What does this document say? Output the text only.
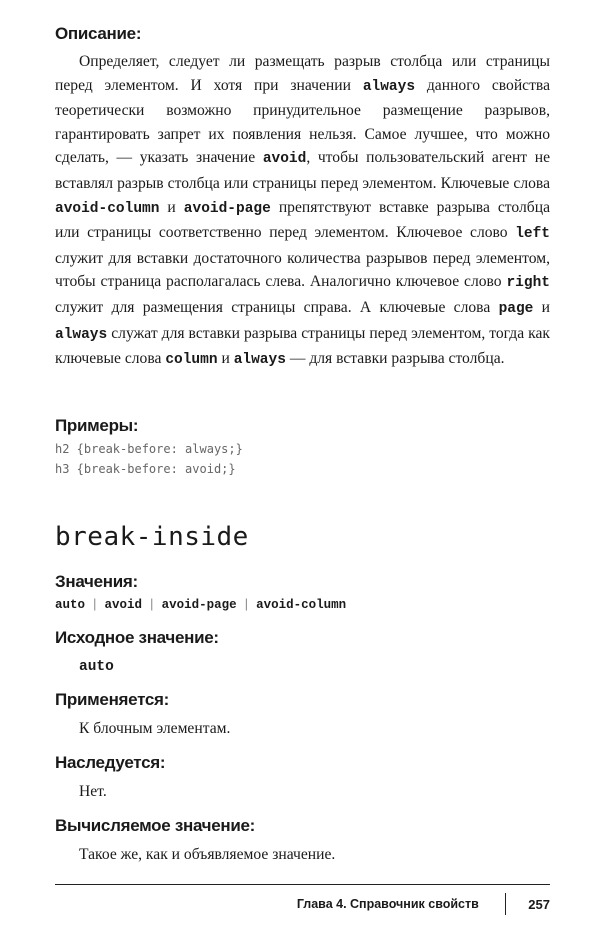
Описание:

Определяет, следует ли размещать разрыв столбца или страницы перед элементом. И хотя при значении always данного свойства теоретически возможно принудительное размещение разрывов, гарантировать запрет их появления нельзя. Самое лучшее, что можно сделать, — указать значение avoid, чтобы пользовательский агент не вставлял разрыв столбца или страницы перед элементом. Ключевые слова avoid-column и avoid-page препятствуют вставке разрыва столбца или страницы соответственно перед элементом. Ключевое слово left служит для вставки достаточного количества разрывов перед элементом, чтобы страница располагалась слева. Аналогично ключевое слово right служит для размещения страницы справа. А ключевые слова page и always служат для вставки разрыва страницы перед элементом, тогда как ключевые слова column и always — для вставки разрыва столбца.

Примеры:
h2 {break-before: always;}
h3 {break-before: avoid;}
break-inside
Значения:
auto | avoid | avoid-page | avoid-column
Исходное значение:
auto
Применяется:
К блочным элементам.
Наследуется:
Нет.
Вычисляемое значение:
Такое же, как и объявляемое значение.
Глава 4. Справочник свойств	257
